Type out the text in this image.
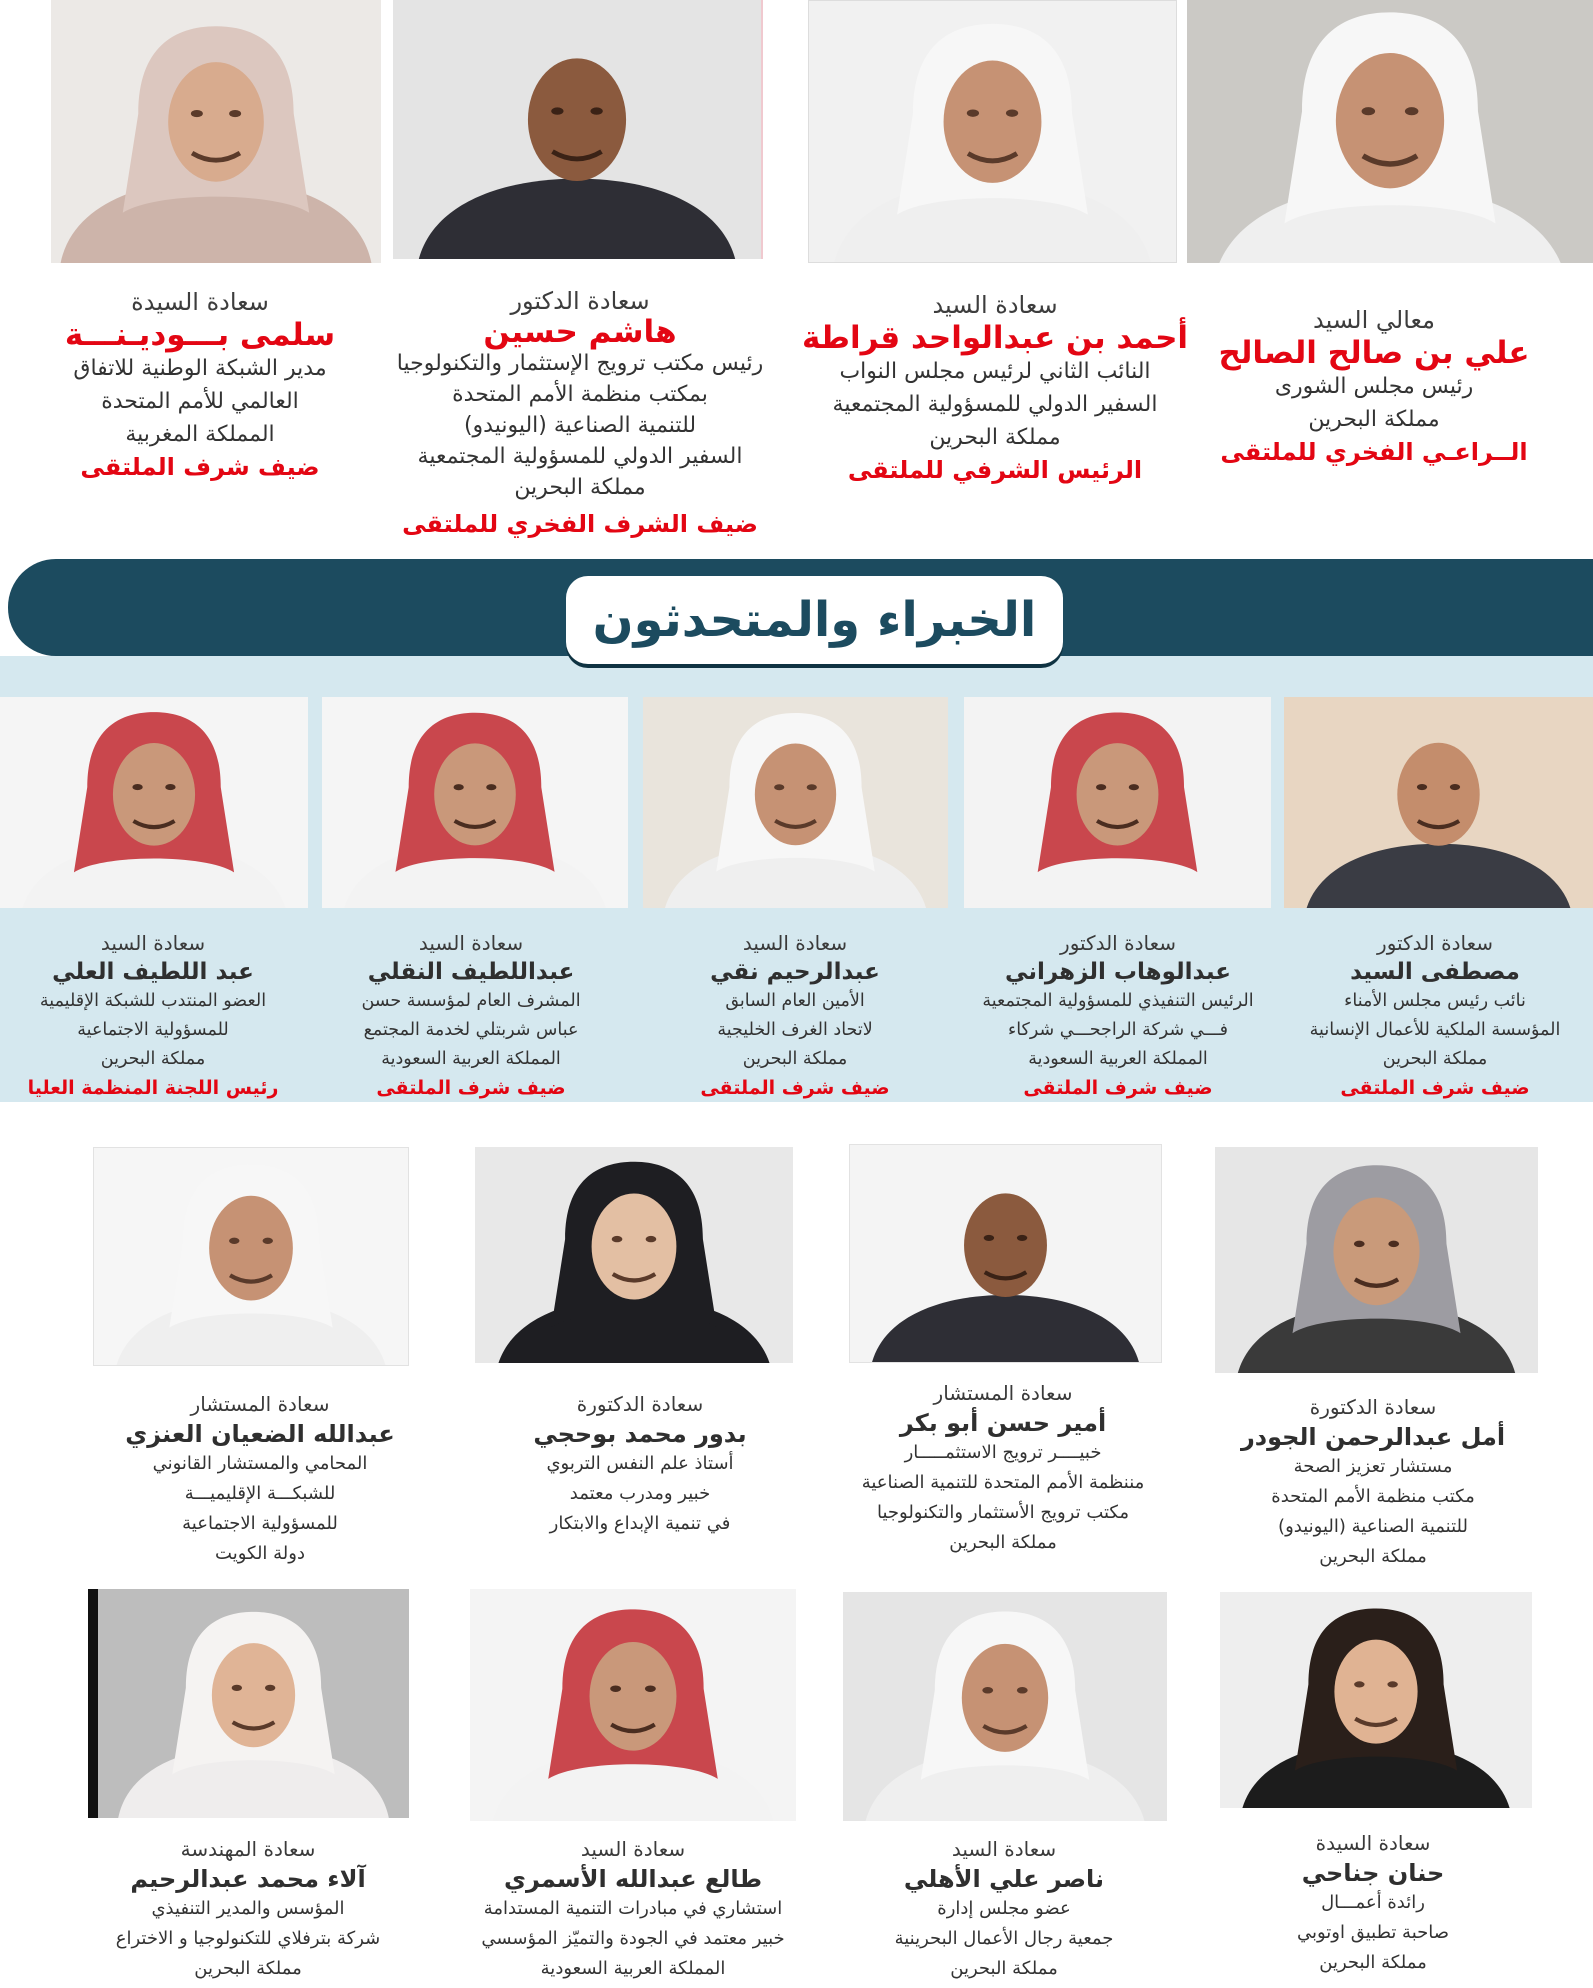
معالي السيد
علي بن صالح الصالح
رئيس مجلس الشورى
مملكة البحرين
الــراعـي الفخري للملتقى
سعادة السيد
أحمد بن عبدالواحد قراطة
النائب الثاني لرئيس مجلس النواب
السفير الدولي للمسؤولية المجتمعية
مملكة البحرين
الرئيس الشرفي للملتقى
سعادة الدكتور
هاشم حسين
رئيس مكتب ترويج الإستثمار والتكنولوجيا
بمكتب منظمة الأمم المتحدة
للتنمية الصناعية (اليونيدو)
السفير الدولي للمسؤولية المجتمعية
مملكة البحرين
ضيف الشرف الفخري للملتقى
سعادة السيدة
سلمى بـــوديـنـــة
مدير الشبكة الوطنية للاتفاق
العالمي للأمم المتحدة
المملكة المغربية
ضيف شرف الملتقى
الخبراء والمتحدثون
سعادة الدكتور
مصطفى السيد
نائب رئيس مجلس الأمناء
المؤسسة الملكية للأعمال الإنسانية
مملكة البحرين
ضيف شرف الملتقى
سعادة الدكتور
عبدالوهاب الزهراني
الرئيس التنفيذي للمسؤولية المجتمعية
فـــي شركة الراجحـــي شركاء
المملكة العربية السعودية
ضيف شرف الملتقى
سعادة السيد
عبدالرحيم نقي
الأمين العام السابق
لاتحاد الغرف الخليجية
مملكة البحرين
ضيف شرف الملتقى
سعادة السيد
عبداللطيف النقلي
المشرف العام لمؤسسة حسن
عباس شربتلي لخدمة المجتمع
المملكة العربية السعودية
ضيف شرف الملتقى
سعادة السيد
عبد اللطيف العلي
العضو المنتدب للشبكة الإقليمية
للمسؤولية الاجتماعية
مملكة البحرين
رئيس اللجنة المنظمة العليا
سعادة الدكتورة
أمل عبدالرحمن الجودر
مستشار تعزيز الصحة
مكتب منظمة الأمم المتحدة
للتنمية الصناعية (اليونيدو)
مملكة البحرين
سعادة المستشار
أمير حسن أبو بكر
خبيــــر ترويج الاستثمـــــار
مننظمة الأمم المتحدة للتنمية الصناعية
مكتب ترويج الأستثمار والتكنولوجيا
مملكة البحرين
سعادة الدكتورة
بدور محمد بوحجي
أستاذ علم النفس التربوي
خبير ومدرب معتمد
في تنمية الإبداع والابتكار
سعادة المستشار
عبدالله الضعيان العنزي
المحامي والمستشار القانوني
للشبكـــة الإقليميـــة
للمسؤولية الاجتماعية
دولة الكويت
سعادة السيدة
حنان جناحي
رائدة أعمـــال
صاحبة تطبيق اوتوبي
مملكة البحرين
سعادة السيد
ناصر علي الأهلي
عضو مجلس إدارة
جمعية رجال الأعمال البحرينية
مملكة البحرين
سعادة السيد
طالع عبدالله الأسمري
استشاري في مبادرات التنمية المستدامة
خبير معتمد في الجودة والتميّز المؤسسي
المملكة العربية السعودية
سعادة المهندسة
آلاء محمد عبدالرحيم
المؤسس والمدير التنفيذي
شركة بترفلاي للتكنولوجيا و الاختراع
مملكة البحرين
